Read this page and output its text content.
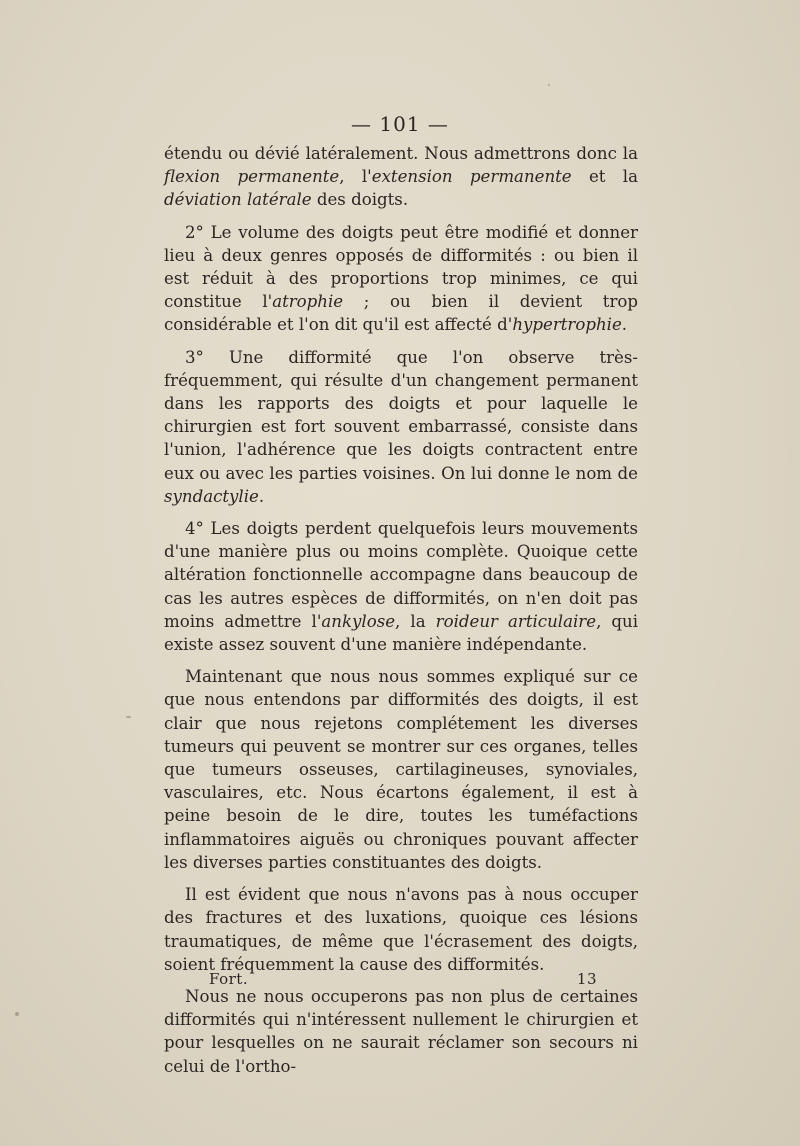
— 101 —

étendu ou dévié latéralement. Nous admettrons donc la flexion permanente, l'extension permanente et la déviation latérale des doigts.

2° Le volume des doigts peut être modifié et donner lieu à deux genres opposés de difformités : ou bien il est réduit à des proportions trop minimes, ce qui constitue l'atrophie ; ou bien il devient trop considérable et l'on dit qu'il est affecté d'hypertrophie.

3° Une difformité que l'on observe très-fréquemment, qui résulte d'un changement permanent dans les rapports des doigts et pour laquelle le chirurgien est fort souvent embarrassé, consiste dans l'union, l'adhérence que les doigts contractent entre eux ou avec les parties voisines. On lui donne le nom de syndactylie.

4° Les doigts perdent quelquefois leurs mouvements d'une manière plus ou moins complète. Quoique cette altération fonctionnelle accompagne dans beaucoup de cas les autres espèces de difformités, on n'en doit pas moins admettre l'ankylose, la roideur articulaire, qui existe assez souvent d'une manière indépendante.

Maintenant que nous nous sommes expliqué sur ce que nous entendons par difformités des doigts, il est clair que nous rejetons complétement les diverses tumeurs qui peuvent se montrer sur ces organes, telles que tumeurs osseuses, cartilagineuses, synoviales, vasculaires, etc. Nous écartons également, il est à peine besoin de le dire, toutes les tuméfactions inflammatoires aiguës ou chroniques pouvant affecter les diverses parties constituantes des doigts.

Il est évident que nous n'avons pas à nous occuper des fractures et des luxations, quoique ces lésions traumatiques, de même que l'écrasement des doigts, soient fréquemment la cause des difformités.

Nous ne nous occuperons pas non plus de certaines difformités qui n'intéressent nullement le chirurgien et pour lesquelles on ne saurait réclamer son secours ni celui de l'ortho-

Fort.	13
